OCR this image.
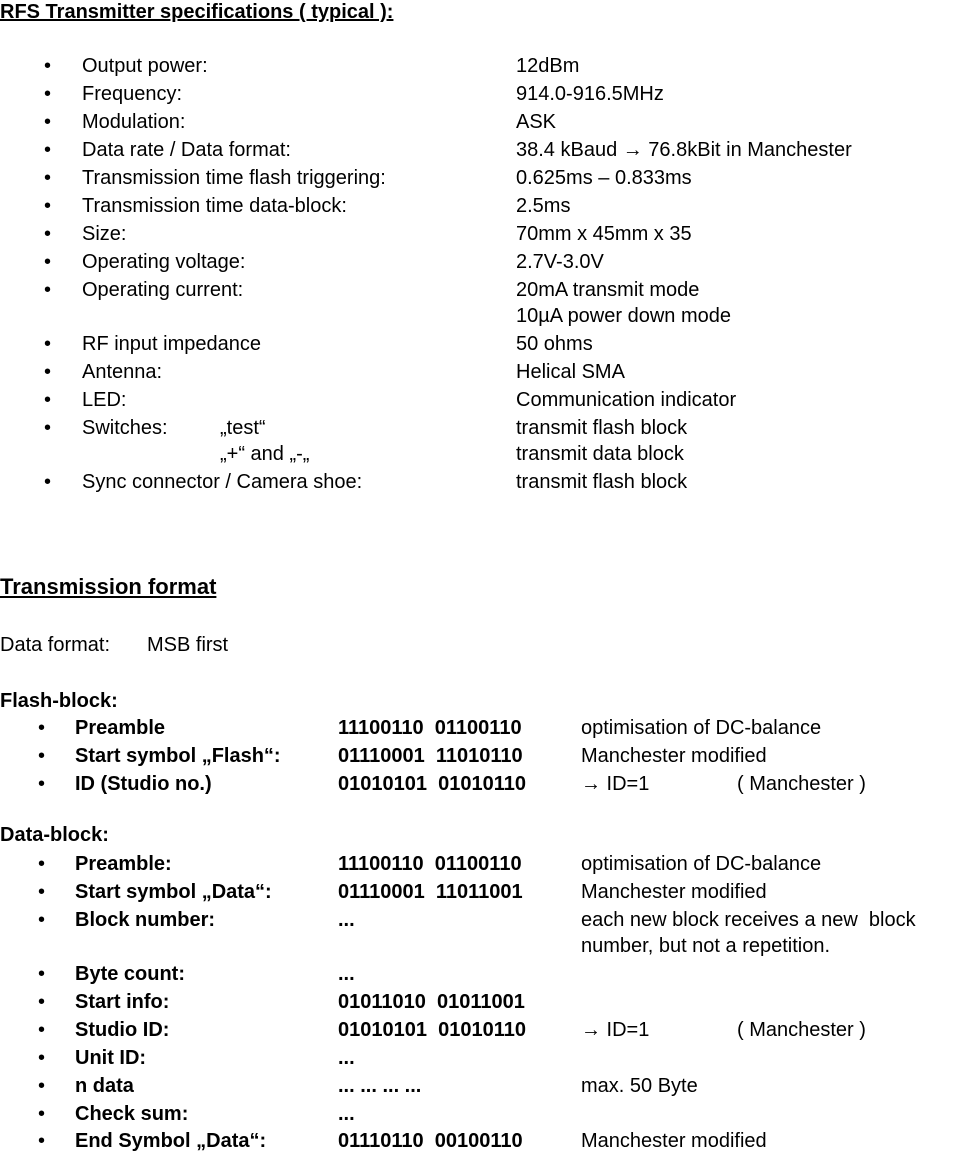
RFS Transmitter specifications ( typical ):
•
Output power:	12dBm
•
Frequency:	914.0-916.5MHz
•
Modulation:	ASK
•
Data rate / Data format:	38.4 kBaud → 76.8kBit in Manchester
•
Transmission time flash triggering:	0.625ms – 0.833ms
•
Transmission time data-block:	2.5ms
•
Size:	70mm x 45mm x 35
•
Operating voltage:	2.7V-3.0V
•
Operating current:	20mA transmit mode
10µA power down mode
•
RF input impedance	50 ohms
•
Antenna:	Helical SMA
•
LED:	Communication indicator
•
Switches:	„test“	transmit flash block
„+“ and „-„	transmit data block
•
Sync connector / Camera shoe:	transmit flash block
Transmission format
Data format: MSB first
Flash-block:
•
Preamble	11100110  01100110	optimisation of DC-balance
•
Start symbol „Flash“:	01110001  11010110	Manchester modified
•
ID (Studio no.)	01010101  01010110	→ ID=1	( Manchester )
Data-block:
•
Preamble:	11100110  01100110	optimisation of DC-balance
•
Start symbol „Data“:	01110001  11011001	Manchester modified
•
Block number:	...	each new block receives a new  block
number, but not a repetition.
•
Byte count:	...
•
Start info:	01011010  01011001
•
Studio ID:	01010101  01010110	→ ID=1	( Manchester )
•
Unit ID:	...
•
n data	... ... ... ...	max. 50 Byte
•
Check sum:	...
•
End Symbol „Data“:	01110110  00100110	Manchester modified
